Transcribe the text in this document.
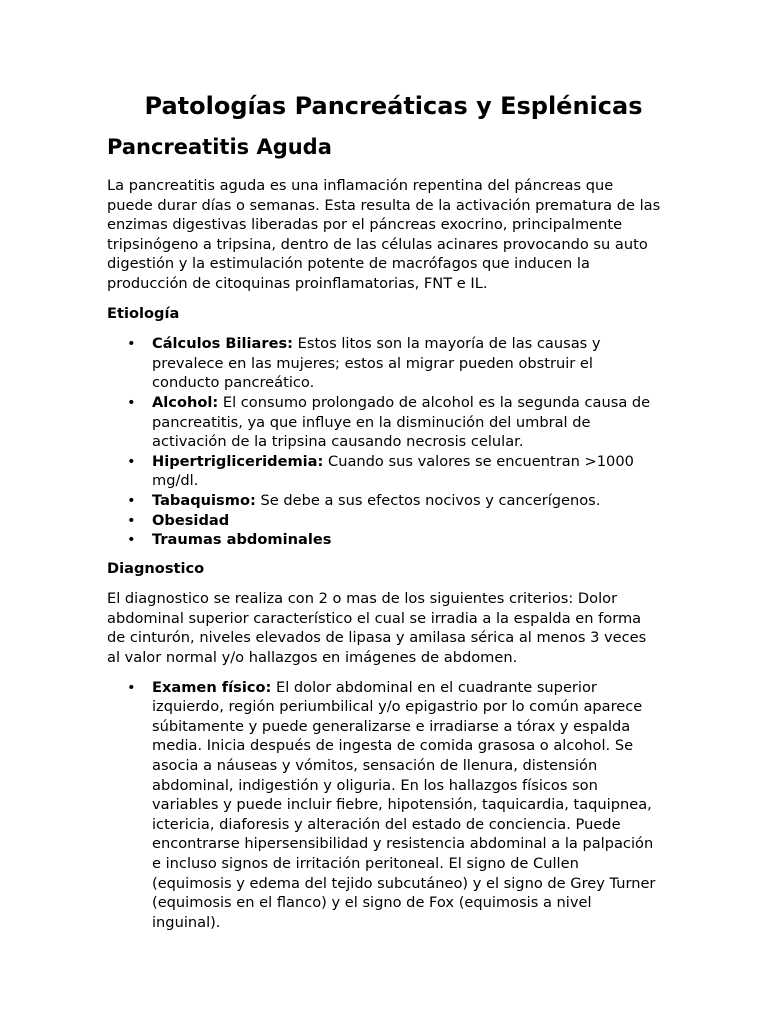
Patologías Pancreáticas y Esplénicas
Pancreatitis Aguda

La pancreatitis aguda es una inflamación repentina del páncreas que puede durar días o semanas. Esta resulta de la activación prematura de las enzimas digestivas liberadas por el páncreas exocrino, principalmente tripsinógeno a tripsina, dentro de las células acinares provocando su auto digestión y la estimulación potente de macrófagos que inducen la producción de citoquinas proinflamatorias, FNT e IL.

Etiología
• Cálculos Biliares: Estos litos son la mayoría de las causas y prevalece en las mujeres; estos al migrar pueden obstruir el conducto pancreático.
• Alcohol: El consumo prolongado de alcohol es la segunda causa de pancreatitis, ya que influye en la disminución del umbral de activación de la tripsina causando necrosis celular.
• Hipertrigliceridemia: Cuando sus valores se encuentran >1000 mg/dl.
• Tabaquismo: Se debe a sus efectos nocivos y cancerígenos.
• Obesidad
• Traumas abdominales
Diagnostico

El diagnostico se realiza con 2 o mas de los siguientes criterios: Dolor abdominal superior característico el cual se irradia a la espalda en forma de cinturón, niveles elevados de lipasa y amilasa sérica al menos 3 veces al valor normal y/o hallazgos en imágenes de abdomen.

• Examen físico: El dolor abdominal en el cuadrante superior izquierdo, región periumbilical y/o epigastrio por lo común aparece súbitamente y puede generalizarse e irradiarse a tórax y espalda media. Inicia después de ingesta de comida grasosa o alcohol. Se asocia a náuseas y vómitos, sensación de llenura, distensión abdominal, indigestión y oliguria. En los hallazgos físicos son variables y puede incluir fiebre, hipotensión, taquicardia, taquipnea, ictericia, diaforesis y alteración del estado de conciencia. Puede encontrarse hipersensibilidad y resistencia abdominal a la palpación e incluso signos de irritación peritoneal. El signo de Cullen (equimosis y edema del tejido subcutáneo) y el signo de Grey Turner (equimosis en el flanco) y el signo de Fox (equimosis a nivel inguinal).
